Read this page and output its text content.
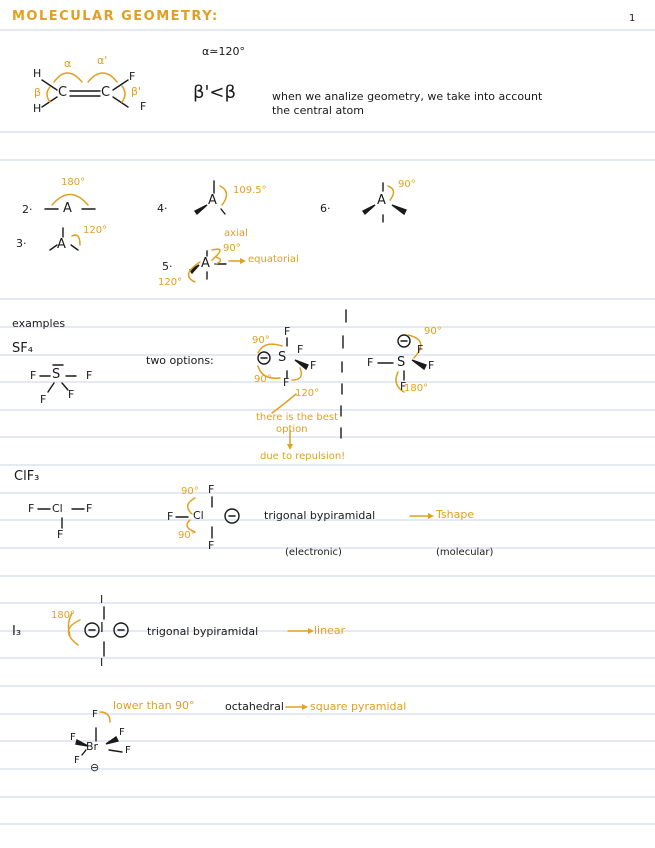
MOLECULAR GEOMETRY:	1
H
H
C	C
F
F
α α'
β	β'
α≃120°
β'<β	when we analize geometry, we take into account
the central atom
2· A
180°
3· A
120°
4·
A
109.5°
5· A
axial
90°
equatorial
120°
6·
A
90°
examples
SF₄
F S F
F F
two options:
F
S
F
F
F
90°
90°
120°
there is the best
option
due to repulsion!
F S
F
F
F
90°
180°
ClF₃
F Cl F
F
F
F Cl
F
90°
90°
trigonal bypiramidal	Tshape
(electronic)	(molecular)
I₃
I
I
I
180°
trigonal bypiramidal	linear
F
F	F
Br	F
F
⊖
lower than 90°	octahedral square pyramidal
